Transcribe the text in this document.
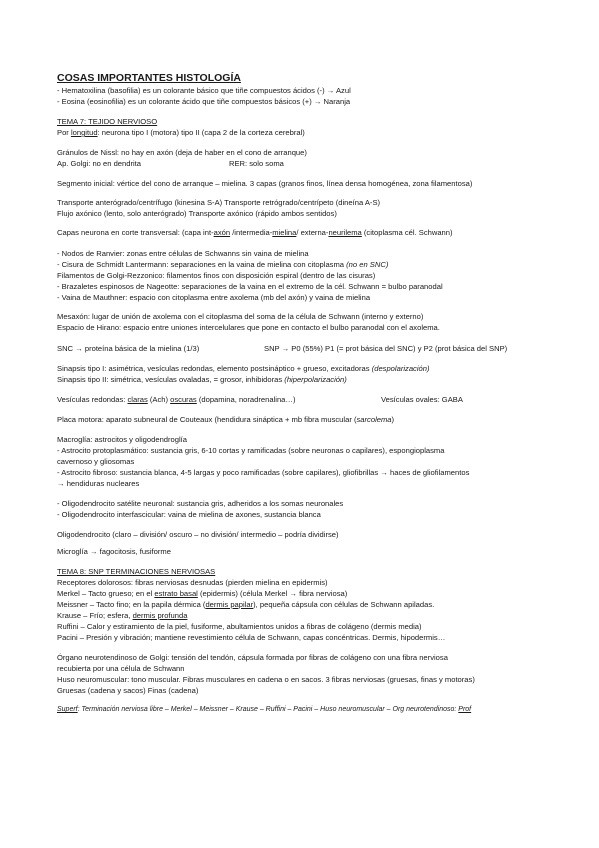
COSAS IMPORTANTES HISTOLOGÍA
- Hematoxilina (basofilia) es un colorante básico que tiñe compuestos ácidos (-) → Azul
- Eosina (eosinofilia) es un colorante ácido que tiñe compuestos básicos (+) → Naranja
TEMA 7: TEJIDO NERVIOSO
Por longitud: neurona tipo I (motora) tipo II (capa 2 de la corteza cerebral)
Gránulos de Nissl: no hay en axón (deja de haber en el cono de arranque)
Ap. Golgi: no en dendrita	RER: solo soma
Segmento inicial: vértice del cono de arranque – mielina. 3 capas (granos finos, línea densa homogénea, zona filamentosa)
Transporte anterógrado/centrífugo (kinesina S-A) Transporte retrógrado/centrípeto (dineína A-S)
Flujo axónico (lento, solo anterógrado) Transporte axónico (rápido ambos sentidos)
Capas neurona en corte transversal: (capa int-axón /intermedia-mielina/ externa-neurilema (citoplasma cél. Schwann)
- Nodos de Ranvier: zonas entre células de Schwanns sin vaina de mielina
- Cisura de Schmidt Lantermann: separaciones en la vaina de mielina con citoplasma (no en SNC)
Filamentos de Golgi-Rezzonico: filamentos finos con disposición espiral (dentro de las cisuras)
- Brazaletes espinosos de Nageotte: separaciones de la vaina en el extremo de la cél. Schwann = bulbo paranodal
- Vaina de Mauthner: espacio con citoplasma entre axolema (mb del axón) y vaina de mielina
Mesaxón: lugar de unión de axolema con el citoplasma del soma de la célula de Schwann (interno y externo)
Espacio de Hirano: espacio entre uniones intercelulares que pone en contacto el bulbo paranodal con el axolema.
SNC → proteína básica de la mielina (1/3)	SNP → P0 (55%) P1 (= prot básica del SNC) y P2 (prot básica del SNP)
Sinapsis tipo I: asimétrica, vesículas redondas, elemento postsináptico + grueso, excitadoras (despolarización)
Sinapsis tipo II: simétrica, vesículas ovaladas, = grosor, inhibidoras (hiperpolarización)
Vesículas redondas: claras (Ach) oscuras (dopamina, noradrenalina…)	Vesículas ovales: GABA
Placa motora: aparato subneural de Couteaux (hendidura sináptica + mb fibra muscular (sarcolema)
Macroglía: astrocitos y oligodendroglía
- Astrocito protoplasmático: sustancia gris, 6-10 cortas y ramificadas (sobre neuronas o capilares), espongioplasma
cavernoso y gliosomas
- Astrocito fibroso: sustancia blanca, 4-5 largas y poco ramificadas (sobre capilares), gliofibrillas → haces de gliofilamentos
→ hendiduras nucleares
- Oligodendrocito satélite neuronal: sustancia gris, adheridos a los somas neuronales
- Oligodendrocito interfascicular: vaina de mielina de axones, sustancia blanca
Oligodendrocito (claro – división/ oscuro – no división/ intermedio – podría dividirse)
Microglía → fagocitosis, fusiforme
TEMA 8: SNP TERMINACIONES NERVIOSAS
Receptores dolorosos: fibras nerviosas desnudas (pierden mielina en epidermis)
Merkel – Tacto grueso; en el estrato basal (epidermis) (célula Merkel → fibra nerviosa)
Meissner – Tacto fino; en la papila dérmica (dermis papilar), pequeña cápsula con células de Schwann apiladas.
Krause – Frío; esfera, dermis profunda
Ruffini – Calor y estiramiento de la piel, fusiforme, abultamientos unidos a fibras de colágeno (dermis media)
Pacini – Presión y vibración; mantiene revestimiento célula de Schwann, capas concéntricas. Dermis, hipodermis…
Órgano neurotendinoso de Golgi: tensión del tendón, cápsula formada por fibras de colágeno con una fibra nerviosa
recubierta por una célula de Schwann
Huso neuromuscular: tono muscular. Fibras musculares en cadena o en sacos. 3 fibras nerviosas (gruesas, finas y motoras)
Gruesas (cadena y sacos) Finas (cadena)
Superf: Terminación nerviosa libre – Merkel – Meissner – Krause – Ruffini – Pacini – Huso neuromuscular – Org neurotendinoso: Prof
